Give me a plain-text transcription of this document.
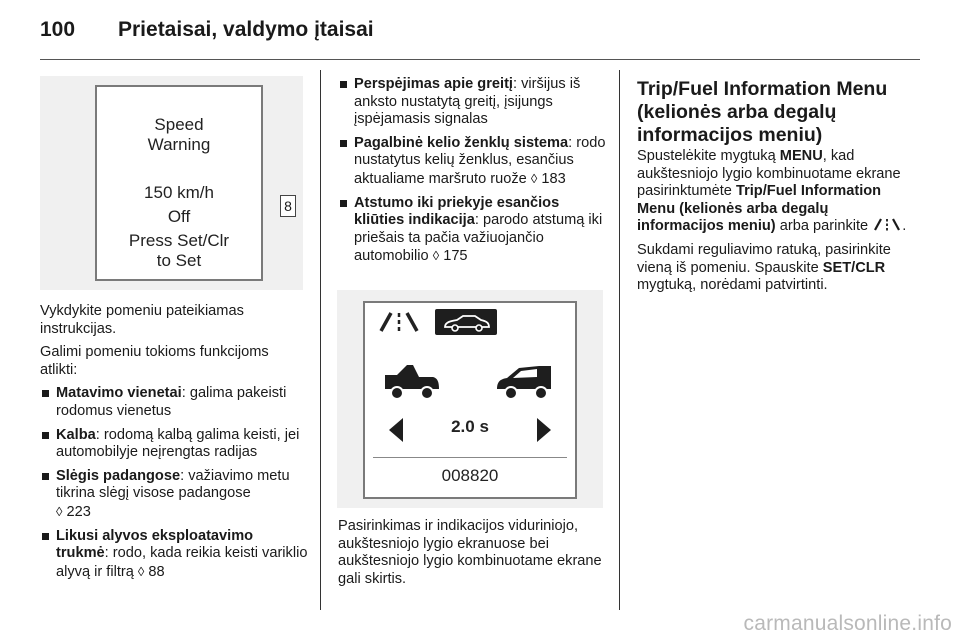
100 Prietaisai, valdymo įtaisai
Speed
Warning
150 km/h
Off
Press Set/Clr
to Set
8

Vykdykite pomeniu pateikiamas instrukcijas.

Galimi pomeniu tokioms funkcijoms atlikti:

Matavimo vienetai: galima pakeisti rodomus vienetus
Kalba: rodomą kalbą galima keisti, jei automobilyje neįrengtas radijas
Slėgis padangose: važiavimo metu tikrina slėgį visose padangose
◊ 223
Likusi alyvos eksploatavimo trukmė: rodo, kada reikia keisti variklio alyvą ir filtrą ◊ 88
Perspėjimas apie greitį: viršijus iš anksto nustatytą greitį, įsijungs įspėjamasis signalas
Pagalbinė kelio ženklų sistema: rodo nustatytus kelių ženklus, esančius aktualiame maršruto ruože ◊ 183
Atstumo iki priekyje esančios kliūties indikacija: parodo atstumą iki priešais ta pačia važiuojančio automobilio ◊ 175
2.0 s
008820

Pasirinkimas ir indikacijos viduriniojo, aukštesniojo lygio ekranuose bei aukštesniojo lygio kombinuotame ekrane gali skirtis.

Trip/Fuel Information Menu (kelionės arba degalų informacijos meniu)

Spustelėkite mygtuką MENU, kad aukštesniojo lygio kombinuotame ekrane pasirinktumėte Trip/Fuel Information Menu (kelionės arba degalų informacijos meniu) arba parinkite .

Sukdami reguliavimo ratuką, pasirinkite vieną iš pomeniu. Spauskite SET/CLR mygtuką, norėdami patvirtinti.

carmanualsonline.info
